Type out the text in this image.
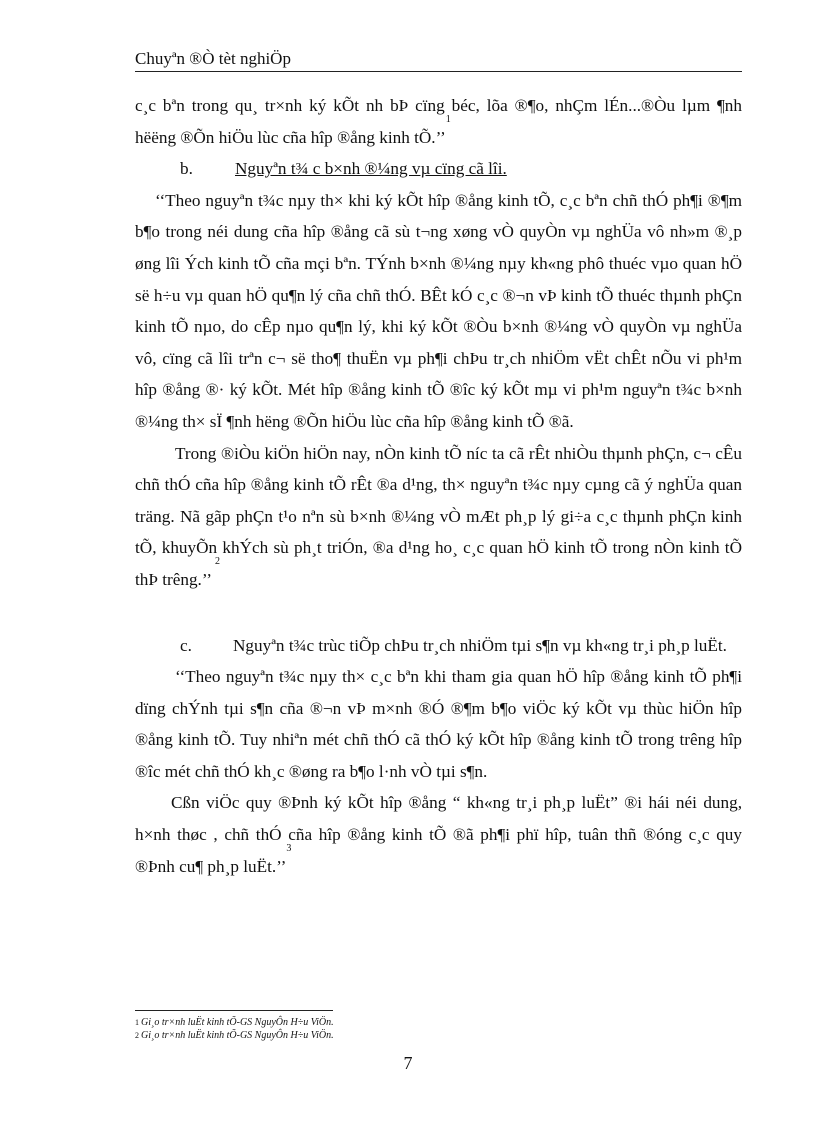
Chuyªn ®Ò tèt nghiÖp

c¸c bªn trong qu¸ tr×nh ký kÕt nh bÞ cïng béc, lõa ®¶o, nhÇm lÉn...®Òu lµm ¶nh hëëng ®Õn hiÖu lùc cña hîp ®ång kinh tÕ.’’$^1$

b.	Nguyªn t¾ c b×nh ®¼ng vµ cïng cã lîi.

‘‘Theo nguyªn t¾c nµy th× khi ký kÕt hîp ®ång kinh tÕ, c¸c bªn chñ thÓ ph¶i ®¶m b¶o trong néi dung cña hîp ®ång cã sù t¬ng xøng vÒ quyÒn vµ nghÜa vô nh»m ®¸p øng lîi Ých kinh tÕ cña mçi bªn. TÝnh b×nh ®¼ng nµy kh«ng phô thuéc vµo quan hÖ së h÷u vµ quan hÖ qu¶n lý cña chñ thÓ. BÊt kÓ c¸c ®¬n vÞ kinh tÕ thuéc thµnh phÇn kinh tÕ nµo, do cÊp nµo qu¶n lý, khi ký kÕt ®Òu b×nh ®¼ng vÒ quyÒn vµ nghÜa vô, cïng cã lîi trªn c¬ së tho¶ thuËn vµ ph¶i chÞu tr¸ch nhiÖm vËt chÊt nÕu vi ph¹m hîp ®ång ®· ký kÕt. Mét hîp ®ång kinh tÕ ®îc ký kÕt mµ vi ph¹m nguyªn t¾c b×nh ®¼ng th× sÏ ¶nh hëng ®Õn hiÖu lùc cña hîp ®ång kinh tÕ ®ã.

Trong ®iÒu kiÖn hiÖn nay, nÒn kinh tÕ níc ta cã rÊt nhiÒu thµnh phÇn, c¬ cÊu chñ thÓ cña hîp ®ång kinh tÕ rÊt ®a d¹ng, th× nguyªn t¾c nµy cµng cã ý nghÜa quan träng. Nã gãp phÇn t¹o nªn sù b×nh ®¼ng vÒ mÆt ph¸p lý gi÷a c¸c thµnh phÇn kinh tÕ, khuyÕn khÝch sù ph¸t triÓn, ®a d¹ng ho¸ c¸c quan hÖ kinh tÕ trong nÒn kinh tÕ thÞ trêng.’’ $^2$

c. Nguyªn t¾c trùc tiÕp chÞu tr¸ch nhiÖm tµi s¶n vµ kh«ng tr¸i ph¸p luËt.

‘‘Theo nguyªn t¾c nµy th× c¸c bªn khi tham gia quan hÖ hîp ®ång kinh tÕ ph¶i dïng chÝnh tµi s¶n cña ®¬n vÞ m×nh ®Ó ®¶m b¶o viÖc ký kÕt vµ thùc hiÖn hîp ®ång kinh tÕ. Tuy nhiªn mét chñ thÓ cã thÓ ký kÕt hîp ®ång kinh tÕ trong trêng hîp ®îc mét chñ thÓ kh¸c ®øng ra b¶o l·nh vÒ tµi s¶n.

Cßn viÖc quy ®Þnh ký kÕt hîp ®ång “ kh«ng tr¸i ph¸p luËt” ®i hái néi dung, h×nh thøc , chñ thÓ cña hîp ®ång kinh tÕ ®ã ph¶i phï hîp, tuân thñ ®óng c¸c quy ®Þnh cu¶ ph¸p luËt.’’$^3$

1 Gi¸o tr×nh luËt kinh tÕ-GS NguyÔn H÷u ViÖn.
2 Gi¸o tr×nh luËt kinh tÕ-GS NguyÔn H÷u ViÖn.
7
